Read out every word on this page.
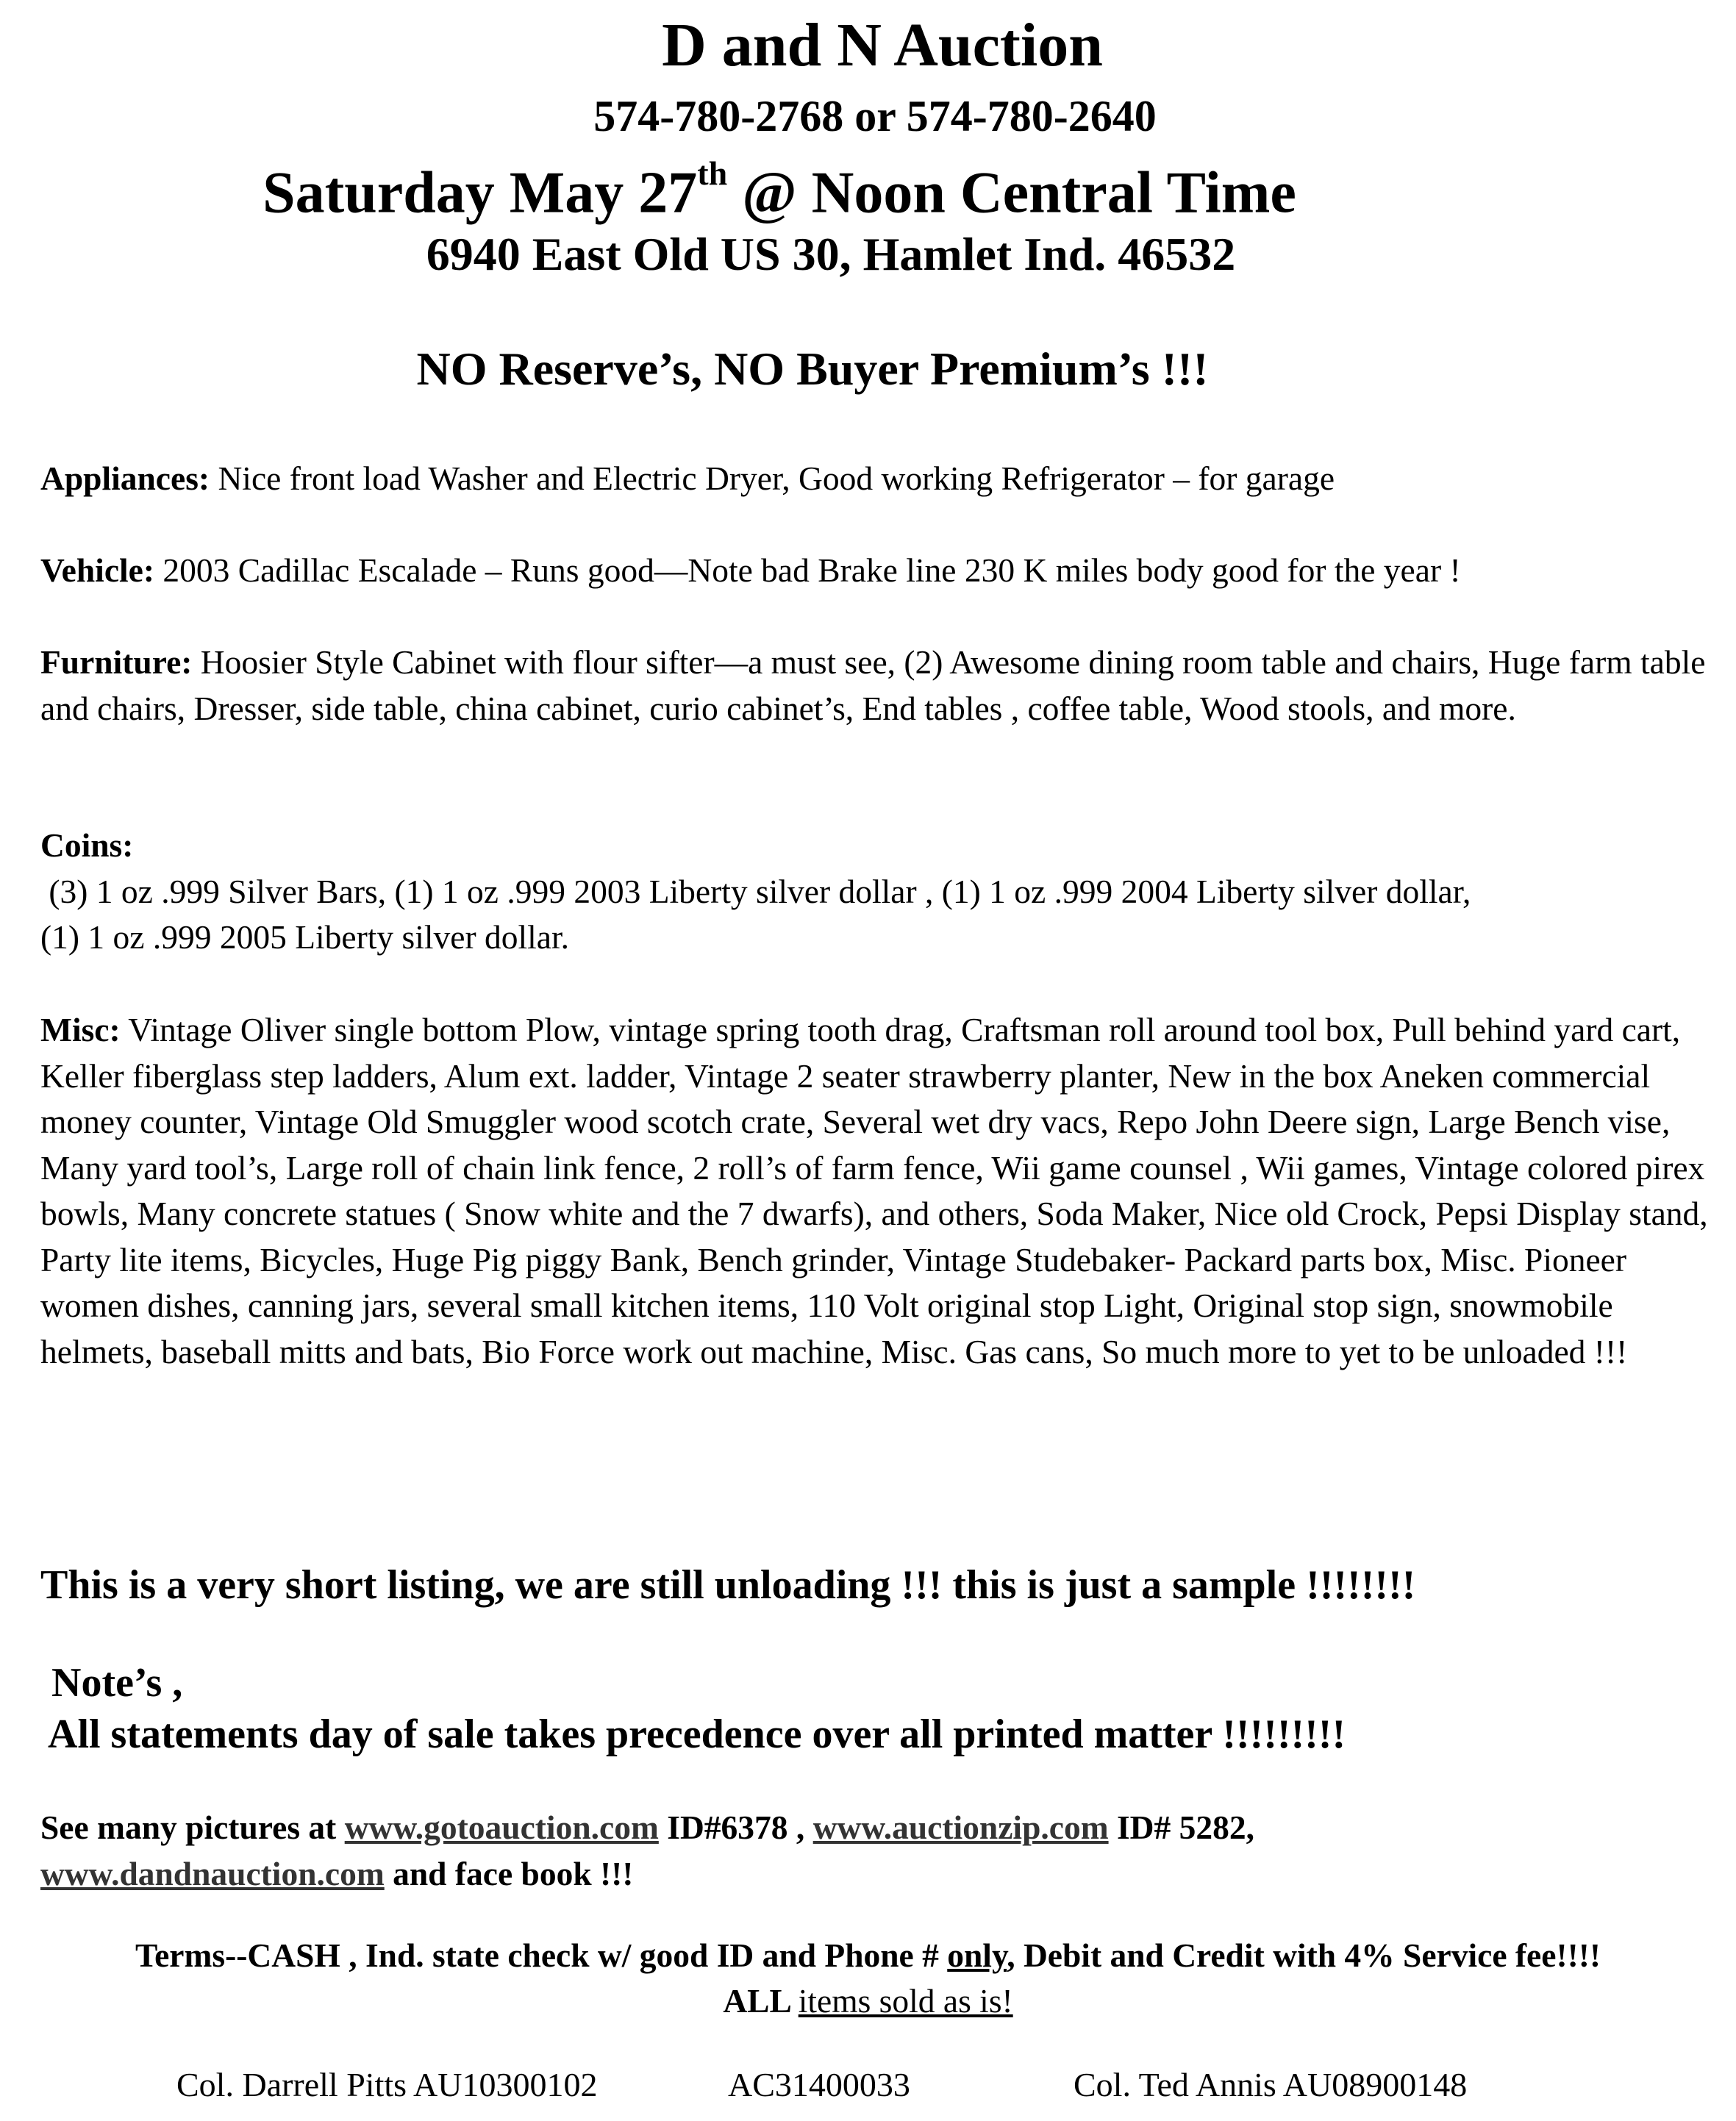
D and N Auction
574-780-2768 or 574-780-2640
Saturday May 27th @ Noon Central Time
6940 East Old US 30, Hamlet Ind. 46532
NO Reserve’s, NO Buyer Premium’s !!!
Appliances: Nice front load Washer and Electric Dryer, Good working Refrigerator – for garage
Vehicle: 2003 Cadillac Escalade – Runs good—Note bad Brake line 230 K miles body good for the year !
Furniture: Hoosier Style Cabinet with flour sifter—a must see, (2) Awesome dining room table and chairs, Huge farm table and chairs, Dresser, side table, china cabinet, curio cabinet’s, End tables , coffee table, Wood stools, and more.
Coins:
(3) 1 oz .999 Silver Bars, (1) 1 oz .999 2003 Liberty silver dollar , (1) 1 oz .999 2004 Liberty silver dollar,
(1) 1 oz .999 2005 Liberty silver dollar.
Misc: Vintage Oliver single bottom Plow, vintage spring tooth drag, Craftsman roll around tool box, Pull behind yard cart, Keller fiberglass step ladders, Alum ext. ladder, Vintage 2 seater strawberry planter, New in the box Aneken commercial money counter, Vintage Old Smuggler wood scotch crate, Several wet dry vacs, Repo John Deere sign, Large Bench vise, Many yard tool’s, Large roll of chain link fence, 2 roll’s of farm fence, Wii game counsel , Wii games, Vintage colored pirex bowls, Many concrete statues ( Snow white and the 7 dwarfs), and others, Soda Maker, Nice old Crock, Pepsi Display stand, Party lite items, Bicycles, Huge Pig piggy Bank, Bench grinder, Vintage Studebaker- Packard parts box, Misc. Pioneer women dishes, canning jars, several small kitchen items, 110 Volt original stop Light, Original stop sign, snowmobile helmets, baseball mitts and bats, Bio Force work out machine, Misc. Gas cans, So much more to yet to be unloaded !!!
This is a very short listing, we are still unloading !!! this is just a sample !!!!!!!!
Note’s ,
All statements day of sale takes precedence over all printed matter !!!!!!!!!
See many pictures at www.gotoauction.com ID#6378 , www.auctionzip.com ID# 5282,
www.dandnauction.com and face book !!!
Terms--CASH , Ind. state check w/ good ID and Phone # only, Debit and Credit with 4% Service fee!!!!
ALL items sold as is!
Col. Darrell Pitts AU10300102	AC31400033	Col. Ted Annis AU08900148
